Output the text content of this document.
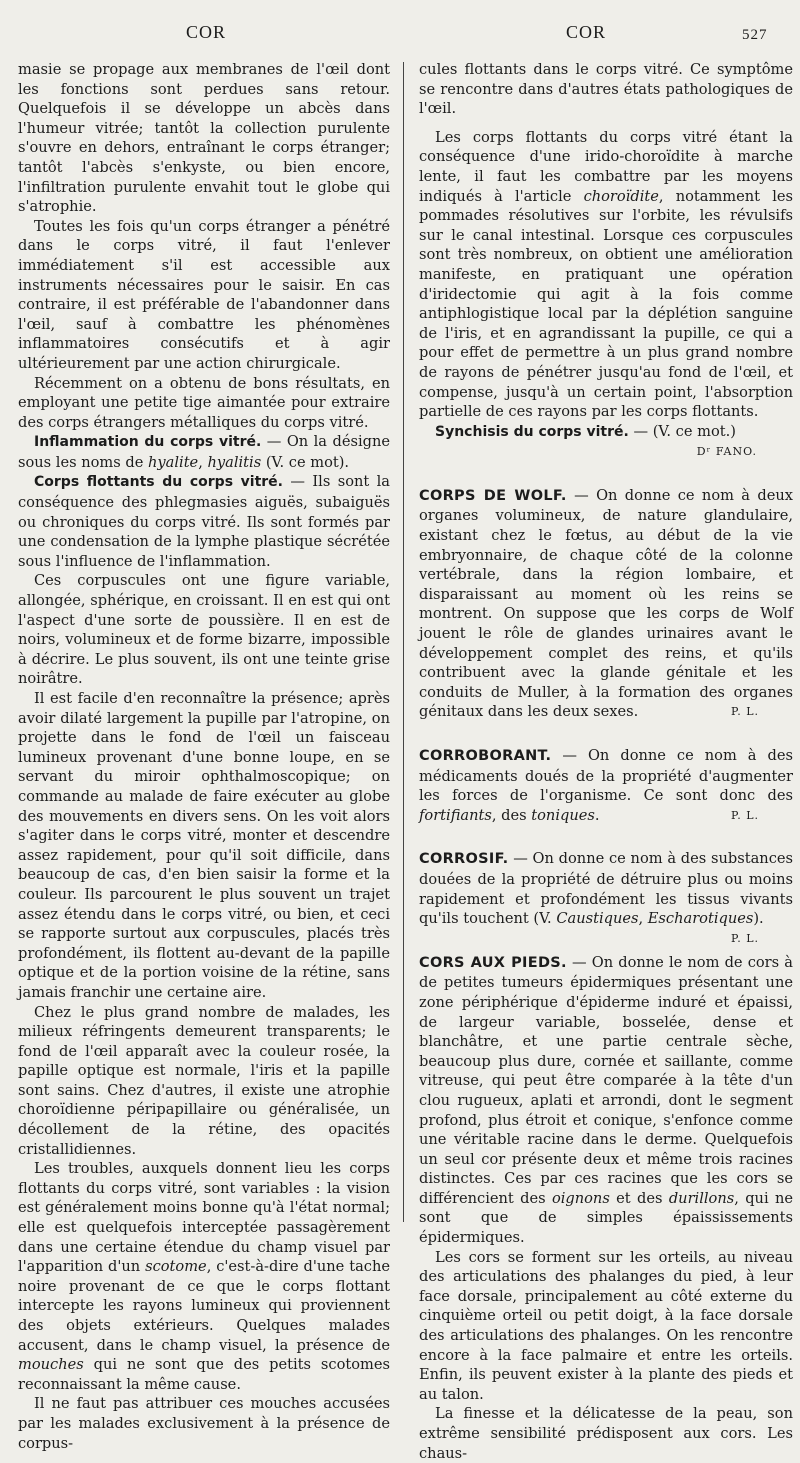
COR	COR	527

masie se propage aux membranes de l'œil dont les fonctions sont perdues sans retour. Quelquefois il se développe un abcès dans l'humeur vitrée; tantôt la collection purulente s'ouvre en dehors, entraînant le corps étranger; tantôt l'abcès s'enkyste, ou bien encore, l'infiltration purulente envahit tout le globe qui s'atrophie.

Toutes les fois qu'un corps étranger a pénétré dans le corps vitré, il faut l'enlever immédiatement s'il est accessible aux instruments nécessaires pour le saisir. En cas contraire, il est préférable de l'abandonner dans l'œil, sauf à combattre les phénomènes inflammatoires consécutifs et à agir ultérieurement par une action chirurgicale.

Récemment on a obtenu de bons résultats, en employant une petite tige aimantée pour extraire des corps étrangers métalliques du corps vitré.

Inflammation du corps vitré. — On la désigne sous les noms de hyalite, hyalitis (V. ce mot).

Corps flottants du corps vitré. — Ils sont la conséquence des phlegmasies aiguës, subaiguës ou chroniques du corps vitré. Ils sont formés par une condensation de la lymphe plastique sécrétée sous l'influence de l'inflammation.

Ces corpuscules ont une figure variable, allongée, sphérique, en croissant. Il en est qui ont l'aspect d'une sorte de poussière. Il en est de noirs, volumineux et de forme bizarre, impossible à décrire. Le plus souvent, ils ont une teinte grise noirâtre.

Il est facile d'en reconnaître la présence; après avoir dilaté largement la pupille par l'atropine, on projette dans le fond de l'œil un faisceau lumineux provenant d'une bonne loupe, en se servant du miroir ophthalmoscopique; on commande au malade de faire exécuter au globe des mouvements en divers sens. On les voit alors s'agiter dans le corps vitré, monter et descendre assez rapidement, pour qu'il soit difficile, dans beaucoup de cas, d'en bien saisir la forme et la couleur. Ils parcourent le plus souvent un trajet assez étendu dans le corps vitré, ou bien, et ceci se rapporte surtout aux corpuscules, placés très profondément, ils flottent au-devant de la papille optique et de la portion voisine de la rétine, sans jamais franchir une certaine aire.

Chez le plus grand nombre de malades, les milieux réfringents demeurent transparents; le fond de l'œil apparaît avec la couleur rosée, la papille optique est normale, l'iris et la papille sont sains. Chez d'autres, il existe une atrophie choroïdienne péripapillaire ou généralisée, un décollement de la rétine, des opacités cristallidiennes.

Les troubles, auxquels donnent lieu les corps flottants du corps vitré, sont variables : la vision est généralement moins bonne qu'à l'état normal; elle est quelquefois interceptée passagèrement dans une certaine étendue du champ visuel par l'apparition d'un scotome, c'est-à-dire d'une tache noire provenant de ce que le corps flottant intercepte les rayons lumineux qui proviennent des objets extérieurs. Quelques malades accusent, dans le champ visuel, la présence de mouches qui ne sont que des petits scotomes reconnaissant la même cause.

Il ne faut pas attribuer ces mouches accusées par les malades exclusivement à la présence de corpus-

cules flottants dans le corps vitré. Ce symptôme se rencontre dans d'autres états pathologiques de l'œil.

Les corps flottants du corps vitré étant la conséquence d'une irido-choroïdite à marche lente, il faut les combattre par les moyens indiqués à l'article choroïdite, notamment les pommades résolutives sur l'orbite, les révulsifs sur le canal intestinal. Lorsque ces corpuscules sont très nombreux, on obtient une amélioration manifeste, en pratiquant une opération d'iridectomie qui agit à la fois comme antiphlogistique local par la déplétion sanguine de l'iris, et en agrandissant la pupille, ce qui a pour effet de permettre à un plus grand nombre de rayons de pénétrer jusqu'au fond de l'œil, et compense, jusqu'à un certain point, l'absorption partielle de ces rayons par les corps flottants.

Synchisis du corps vitré. — (V. ce mot.)

Dʳ FANO.

CORPS DE WOLF. — On donne ce nom à deux organes volumineux, de nature glandulaire, existant chez le fœtus, au début de la vie embryonnaire, de chaque côté de la colonne vertébrale, dans la région lombaire, et disparaissant au moment où les reins se montrent. On suppose que les corps de Wolf jouent le rôle de glandes urinaires avant le développement complet des reins, et qu'ils contribuent avec la glande génitale et les conduits de Muller, à la formation des organes génitaux dans les deux sexes.	P. L.

CORROBORANT. — On donne ce nom à des médicaments doués de la propriété d'augmenter les forces de l'organisme. Ce sont donc des fortifiants, des toniques.	P. L.

CORROSIF. — On donne ce nom à des substances douées de la propriété de détruire plus ou moins rapidement et profondément les tissus vivants qu'ils touchent (V. Caustiques, Escharotiques).
P. L.

CORS AUX PIEDS. — On donne le nom de cors à de petites tumeurs épidermiques présentant une zone périphérique d'épiderme induré et épaissi, de largeur variable, bosselée, dense et blanchâtre, et une partie centrale sèche, beaucoup plus dure, cornée et saillante, comme vitreuse, qui peut être comparée à la tête d'un clou rugueux, aplati et arrondi, dont le segment profond, plus étroit et conique, s'enfonce comme une véritable racine dans le derme. Quelquefois un seul cor présente deux et même trois racines distinctes. Ces par ces racines que les cors se différencient des oignons et des durillons, qui ne sont que de simples épaississements épidermiques.

Les cors se forment sur les orteils, au niveau des articulations des phalanges du pied, à leur face dorsale, principalement au côté externe du cinquième orteil ou petit doigt, à la face dorsale des articulations des phalanges. On les rencontre encore à la face palmaire et entre les orteils. Enfin, ils peuvent exister à la plante des pieds et au talon.

La finesse et la délicatesse de la peau, son extrême sensibilité prédisposent aux cors. Les chaus-
